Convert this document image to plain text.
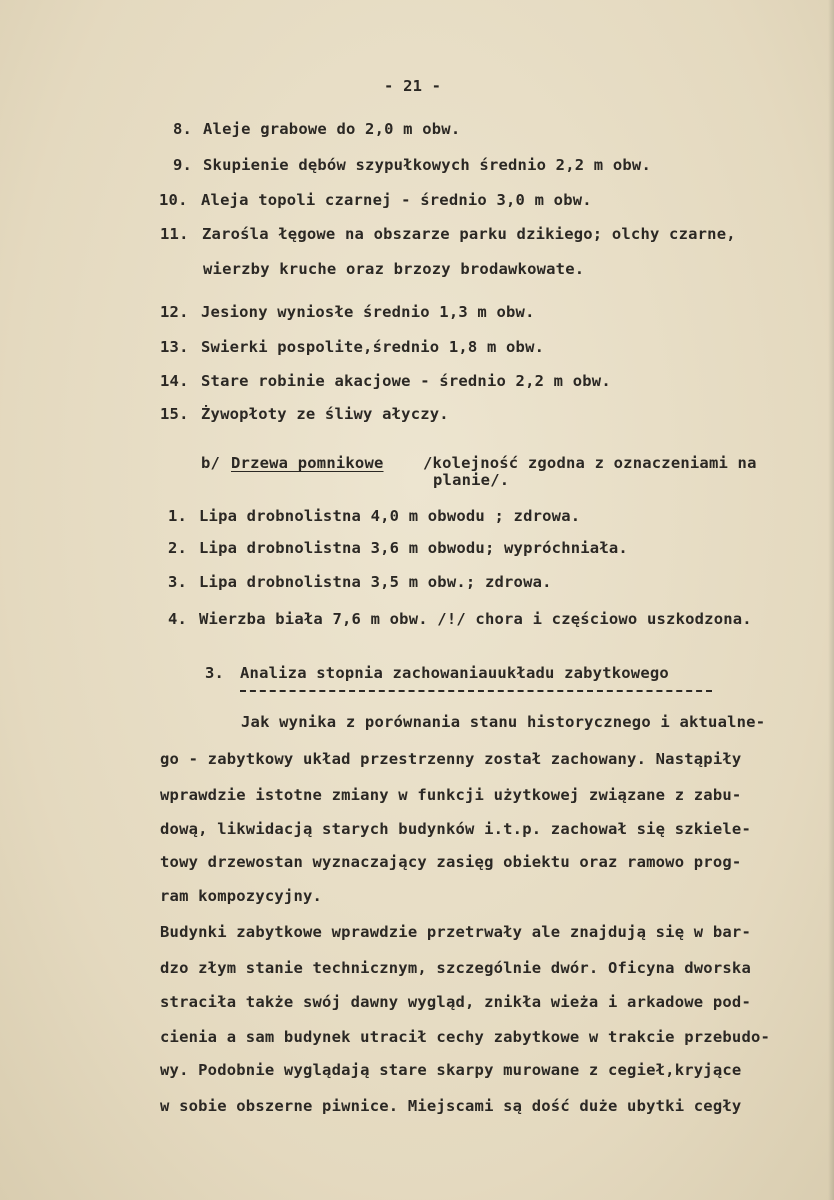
- 21 -
8. Aleje grabowe do 2,0 m obw.
9. Skupienie dębów szypułkowych średnio 2,2 m obw.
10. Aleja topoli czarnej - średnio 3,0 m obw.
11. Zarośla łęgowe na obszarze parku dzikiego; olchy czarne,
wierzby kruche oraz brzozy brodawkowate.
12. Jesiony wyniosłe średnio 1,3 m obw.
13. Swierki pospolite,średnio 1,8 m obw.
14. Stare robinie akacjowe - średnio 2,2 m obw.
15. Żywopłoty ze śliwy ałyczy.
b/ Drzewa pomnikowe	/kolejność zgodna z oznaczeniami na
planie/.
1. Lipa drobnolistna 4,0 m obwodu ; zdrowa.
2. Lipa drobnolistna 3,6 m obwodu; wypróchniała.
3. Lipa drobnolistna 3,5 m obw.; zdrowa.
4. Wierzba biała 7,6 m obw. /!/ chora i częściowo uszkodzona.
3. Analiza stopnia zachowaniauukładu zabytkowego
Jak wynika z porównania stanu historycznego i aktualne-
go - zabytkowy układ przestrzenny został zachowany. Nastąpiły
wprawdzie istotne zmiany w funkcji użytkowej związane z zabu-
dową, likwidacją starych budynków i.t.p. zachował się szkiele-
towy drzewostan wyznaczający zasięg obiektu oraz ramowo prog-
ram kompozycyjny.
Budynki zabytkowe wprawdzie przetrwały ale znajdują się w bar-
dzo złym stanie technicznym, szczególnie dwór. Oficyna dworska
straciła także swój dawny wygląd, znikła wieża i arkadowe pod-
cienia a sam budynek utracił cechy zabytkowe w trakcie przebudo-
wy. Podobnie wyglądają stare skarpy murowane z cegieł,kryjące
w sobie obszerne piwnice. Miejscami są dość duże ubytki cegły
